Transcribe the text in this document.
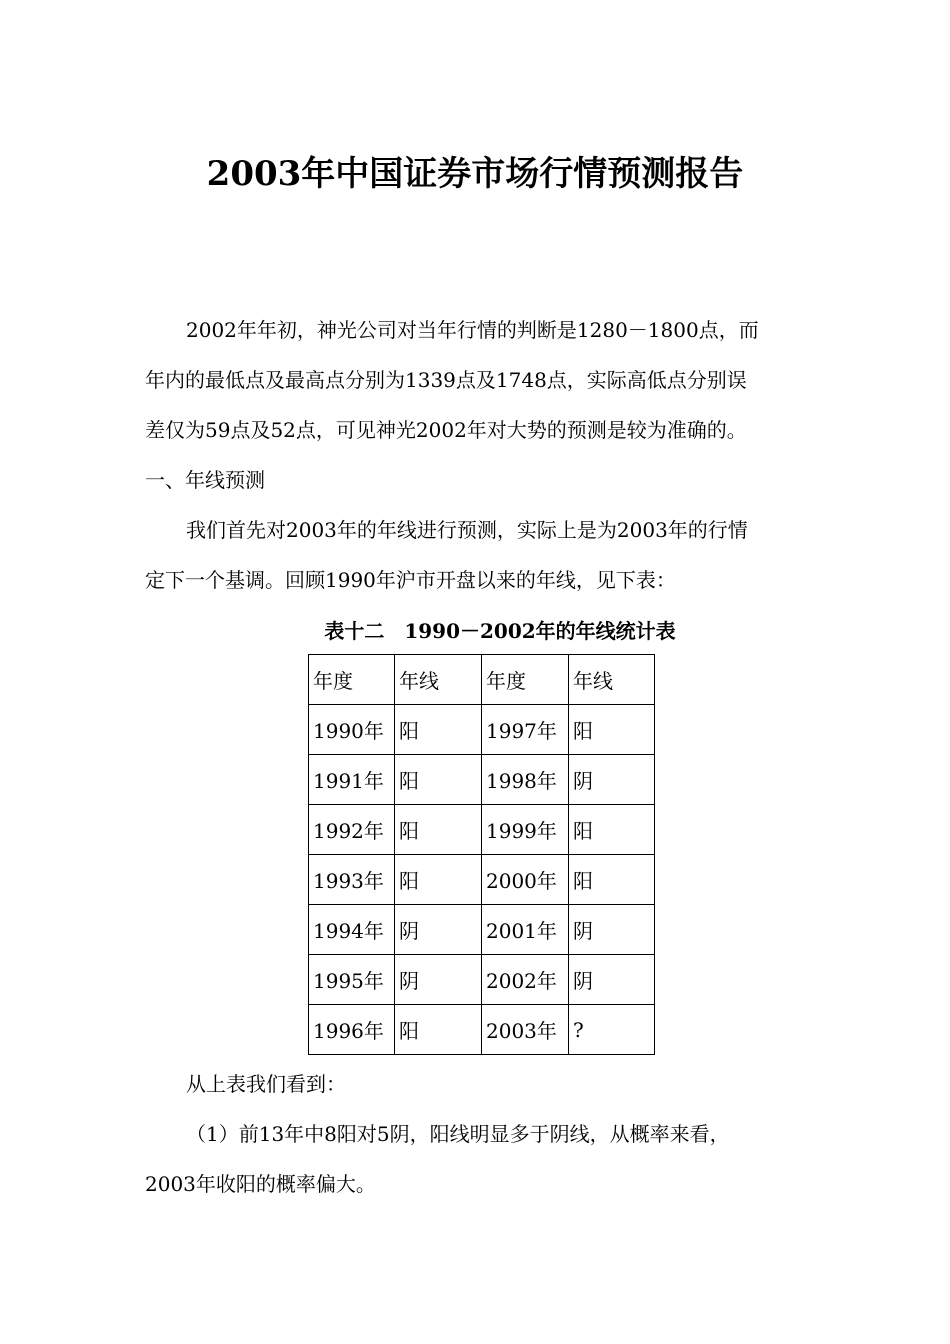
2003年中国证券市场行情预测报告
2002年年初，神光公司对当年行情的判断是1280－1800点，而
年内的最低点及最高点分别为1339点及1748点，实际高低点分别误
差仅为59点及52点，可见神光2002年对大势的预测是较为准确的。
一、年线预测
我们首先对2003年的年线进行预测，实际上是为2003年的行情
定下一个基调。回顾1990年沪市开盘以来的年线，见下表：
表十二　1990－2002年的年线统计表
年度	年线	年度	年线
1990年	阳	1997年	阳
1991年	阳	1998年	阴
1992年	阳	1999年	阳
1993年	阳	2000年	阳
1994年	阴	2001年	阴
1995年	阴	2002年	阴
1996年	阳	2003年	?
从上表我们看到：
（1）前13年中8阳对5阴，阳线明显多于阴线，从概率来看，
2003年收阳的概率偏大。
